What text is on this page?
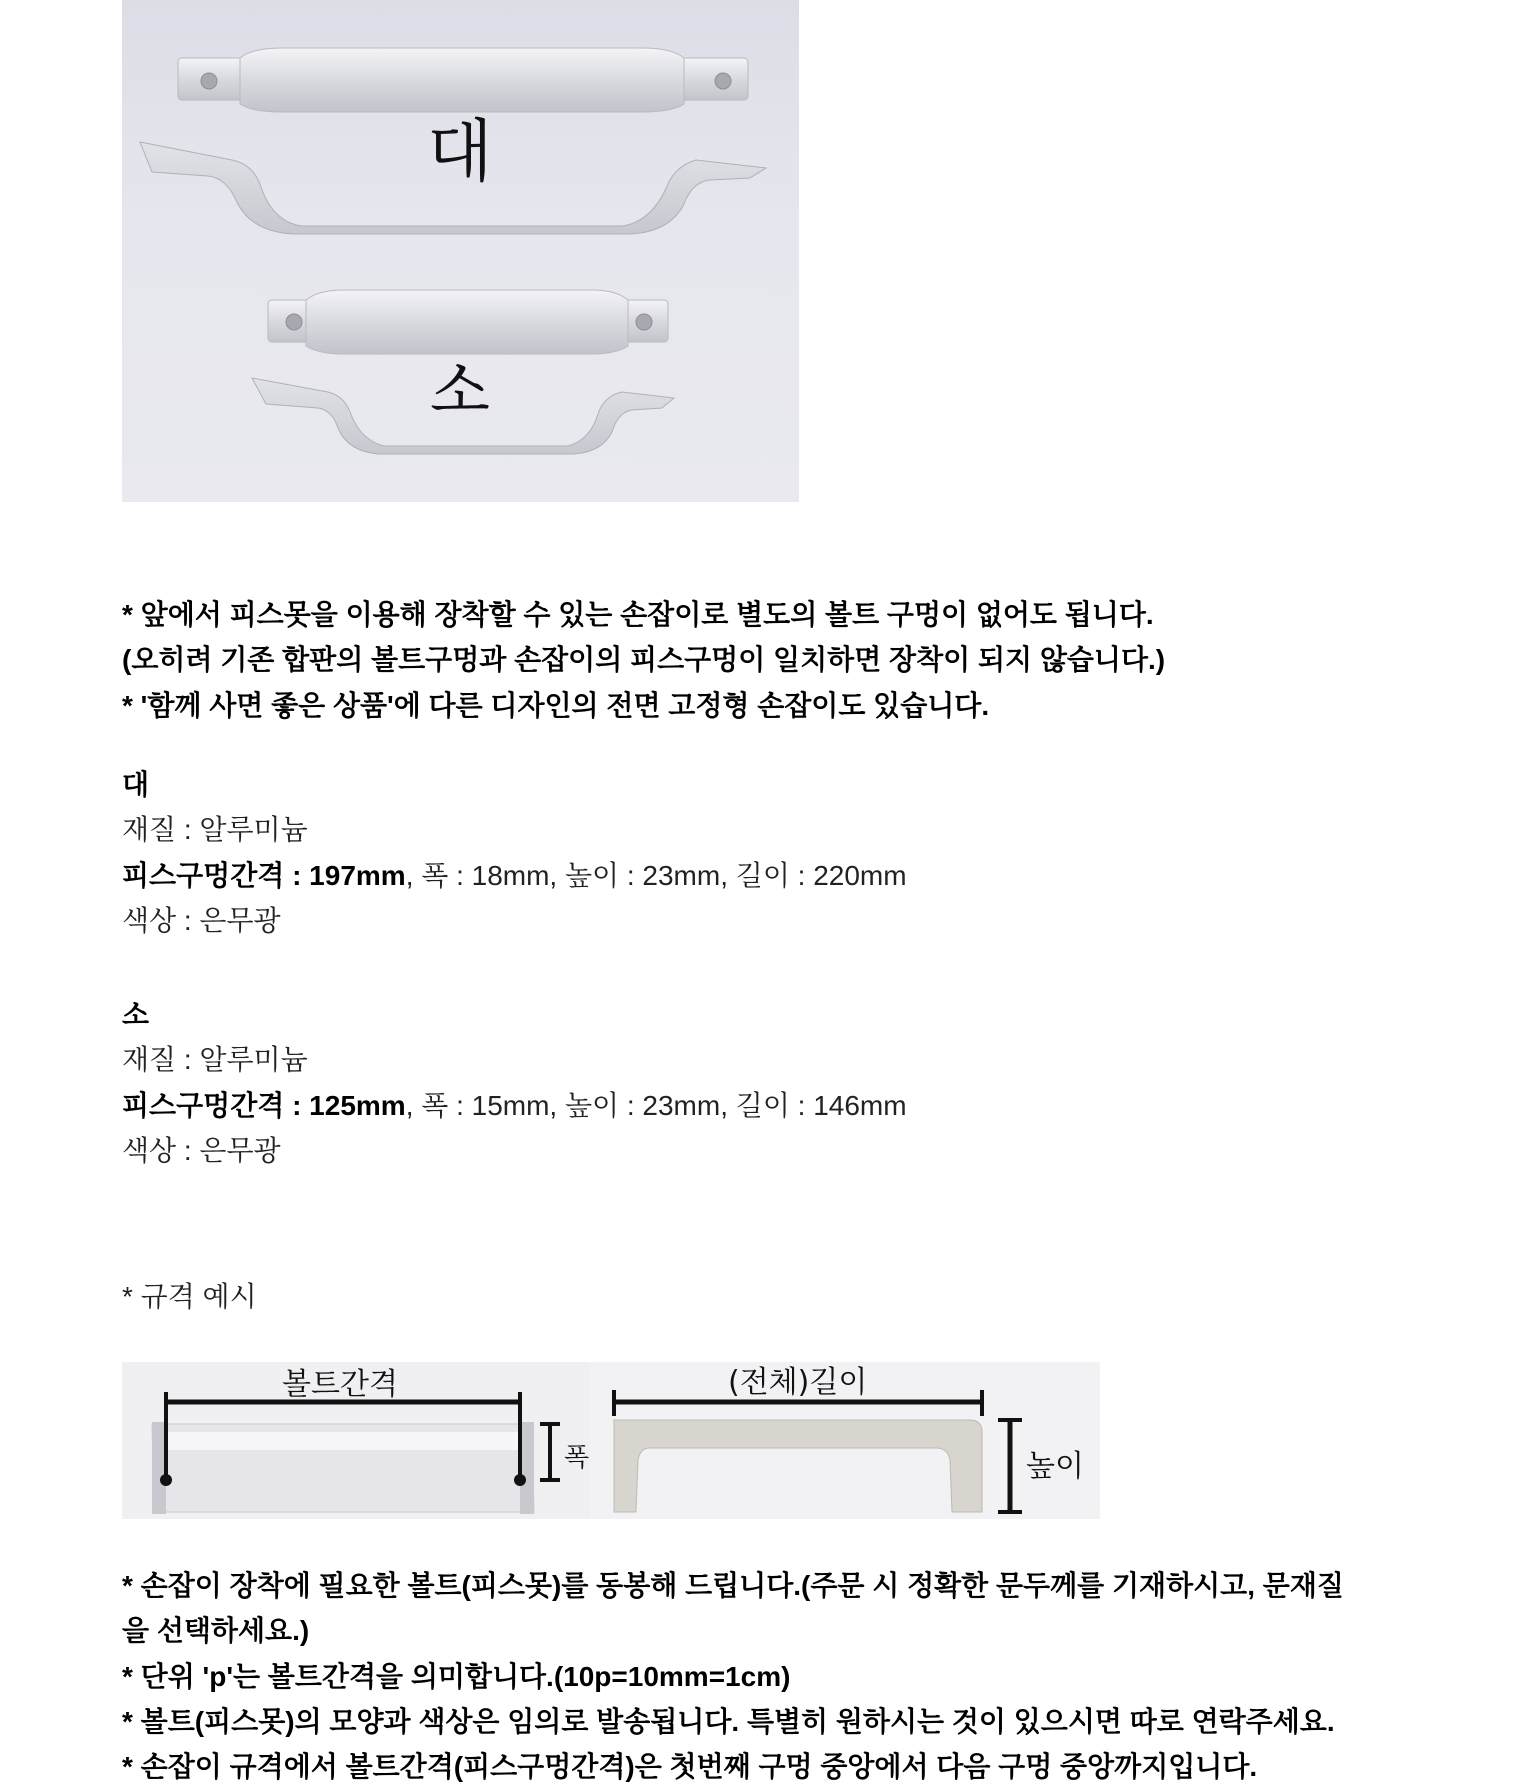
대
소
* 앞에서 피스못을 이용해 장착할 수 있는 손잡이로 별도의 볼트 구멍이 없어도 됩니다.
(오히려 기존 합판의 볼트구멍과 손잡이의 피스구멍이 일치하면 장착이 되지 않습니다.)
* '함께 사면 좋은 상품'에 다른 디자인의 전면 고정형 손잡이도 있습니다.
대
재질 : 알루미늄
피스구멍간격 : 197mm, 폭 : 18mm, 높이 : 23mm, 길이 : 220mm
색상 : 은무광
소
재질 : 알루미늄
피스구멍간격 : 125mm, 폭 : 15mm, 높이 : 23mm, 길이 : 146mm
색상 : 은무광
* 규격 예시
볼트간격
폭
(전체)길이
높이
* 손잡이 장착에 필요한 볼트(피스못)를 동봉해 드립니다.(주문 시 정확한 문두께를 기재하시고, 문재질
을 선택하세요.)
* 단위 'p'는 볼트간격을 의미합니다.(10p=10mm=1cm)
* 볼트(피스못)의 모양과 색상은 임의로 발송됩니다. 특별히 원하시는 것이 있으시면 따로 연락주세요.
* 손잡이 규격에서 볼트간격(피스구멍간격)은 첫번째 구멍 중앙에서 다음 구멍 중앙까지입니다.
